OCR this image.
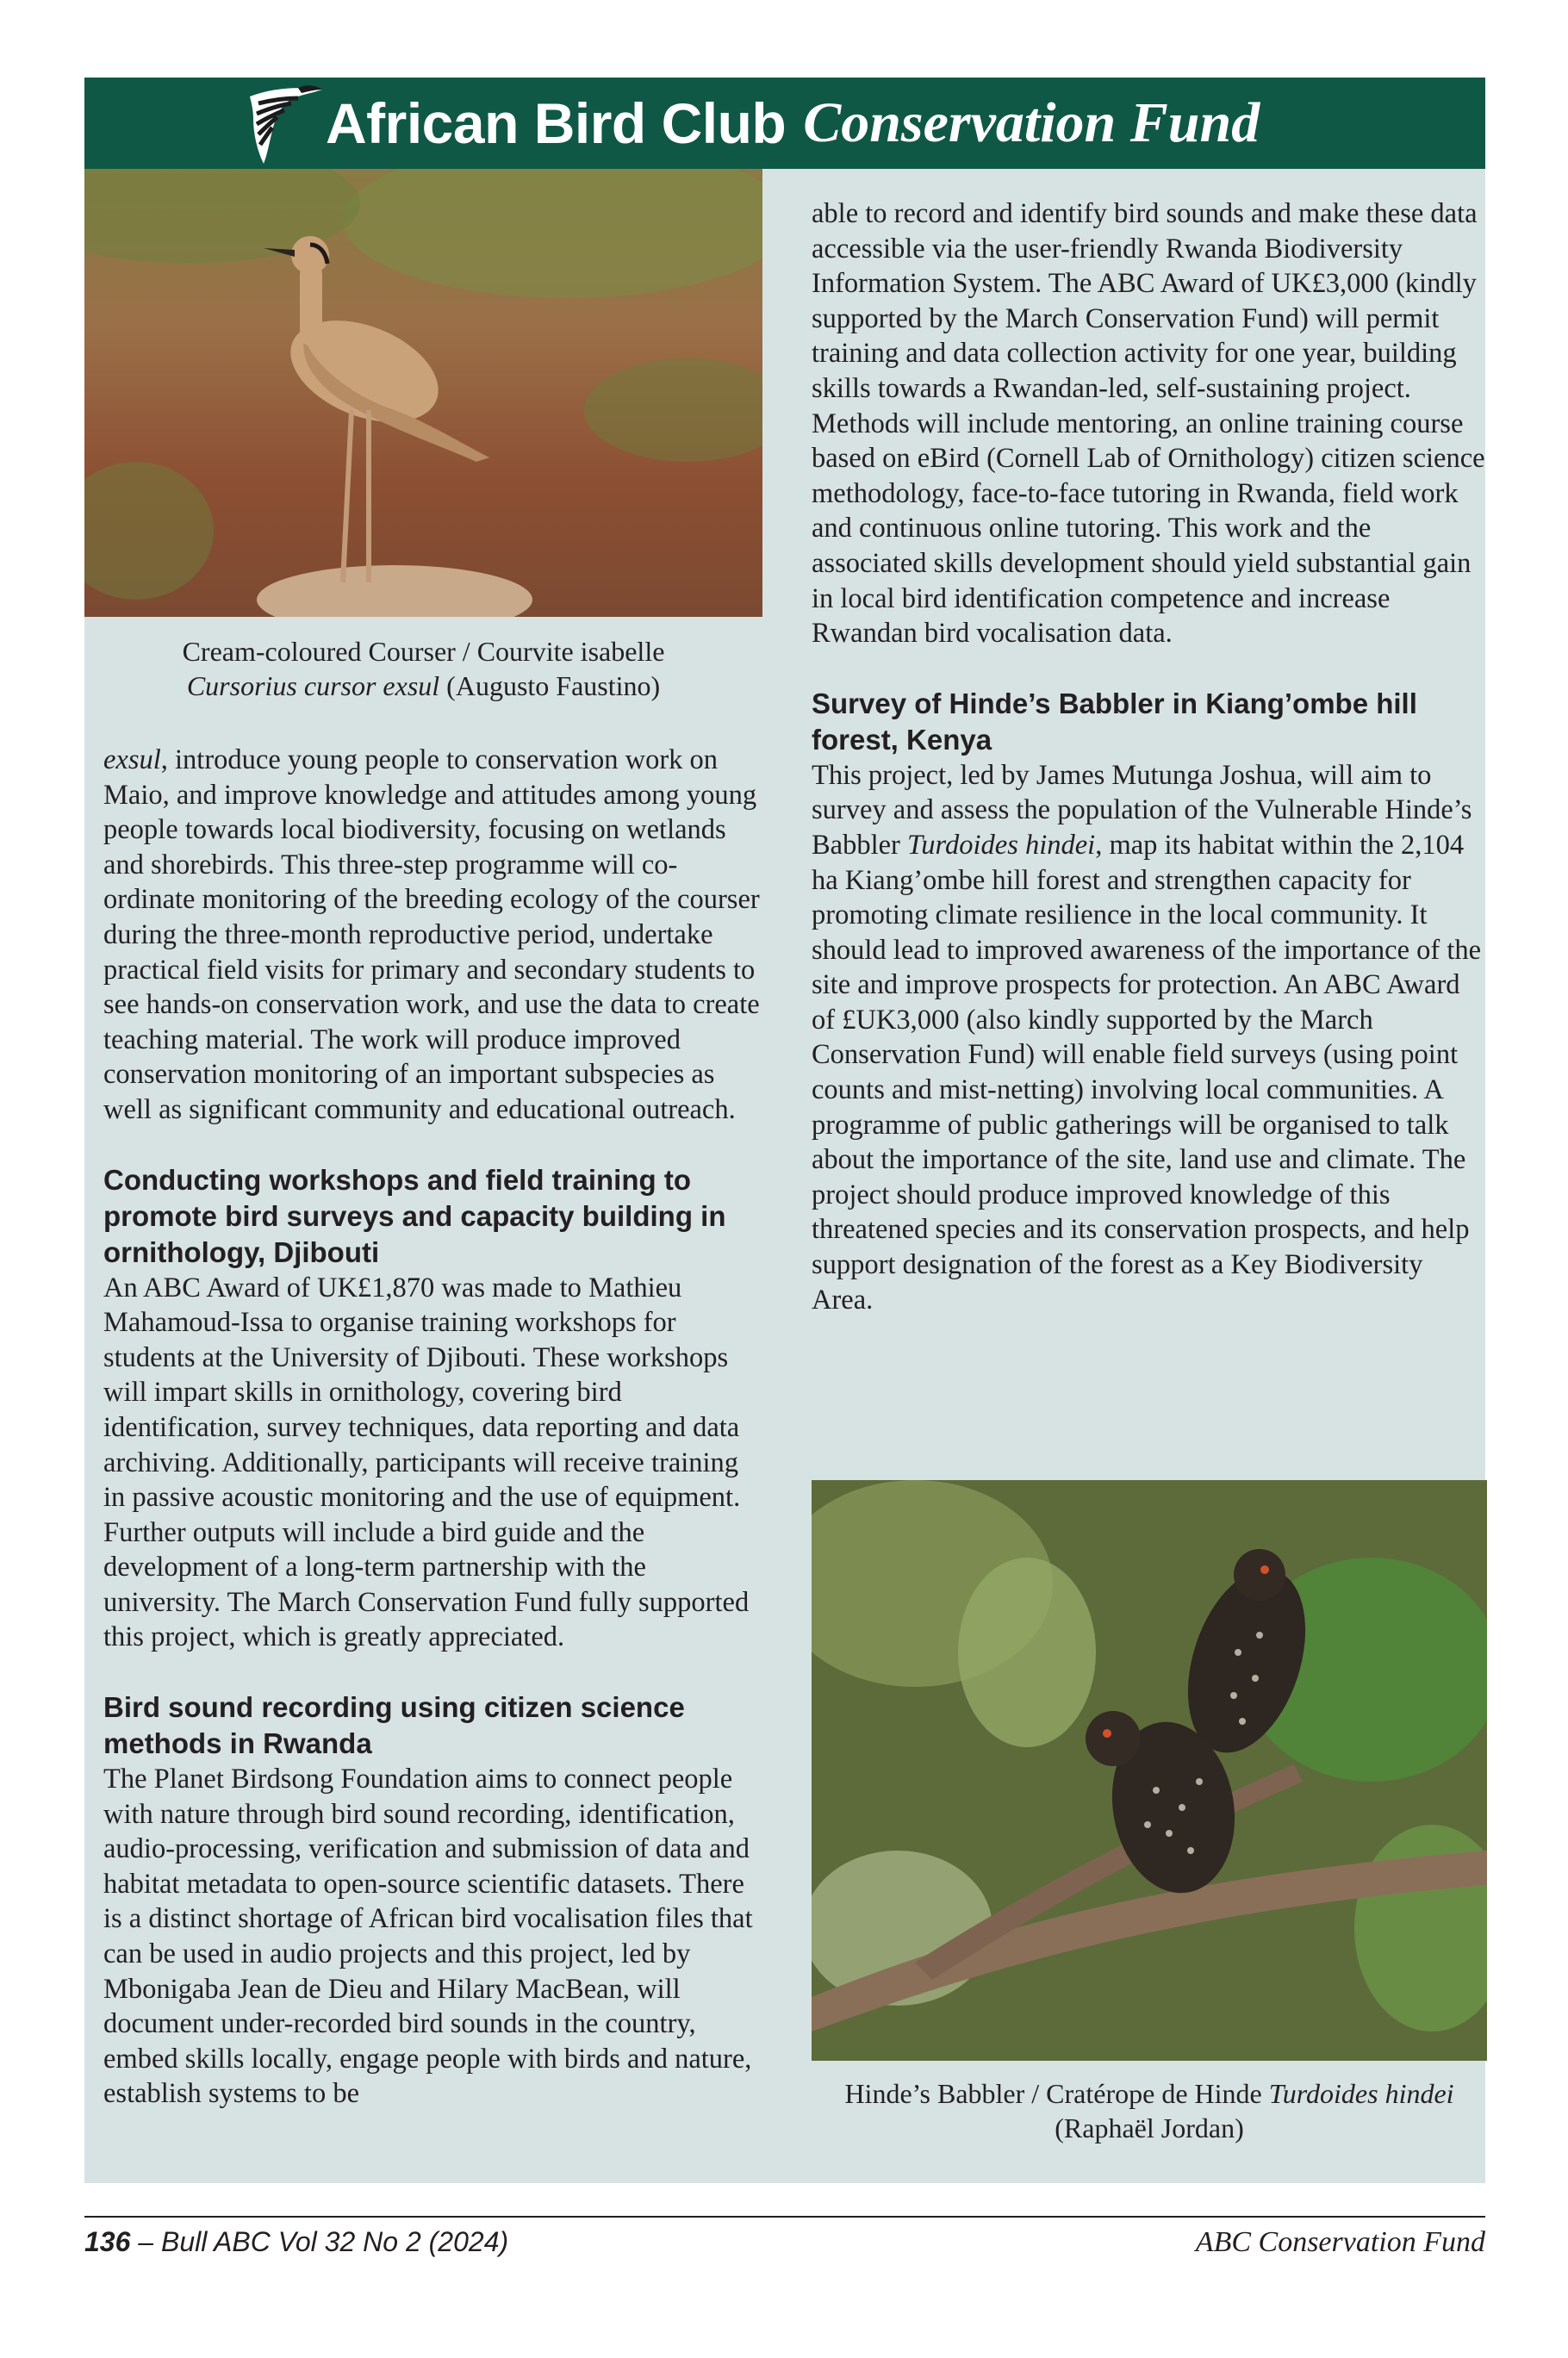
African Bird Club Conservation Fund
Cream-coloured Courser / Courvite isabelle
Cursorius cursor exsul (Augusto Faustino)

exsul, introduce young people to conservation work on Maio, and improve knowledge and attitudes among young people towards local biodiversity, focusing on wetlands and shorebirds. This three-step programme will co-ordinate monitoring of the breeding ecology of the courser during the three-month reproductive period, undertake practical field visits for primary and secondary students to see hands-on conservation work, and use the data to create teaching material. The work will produce improved conservation monitoring of an important subspecies as well as significant community and educational outreach.

Conducting workshops and field training to promote bird surveys and capacity building in ornithology, Djibouti

An ABC Award of UK£1,870 was made to Mathieu Mahamoud-Issa to organise training workshops for students at the University of Djibouti. These workshops will impart skills in ornithology, covering bird identification, survey techniques, data reporting and data archiving. Additionally, participants will receive training in passive acoustic monitoring and the use of equipment. Further outputs will include a bird guide and the development of a long-term partnership with the university. The March Conservation Fund fully supported this project, which is greatly appreciated.

Bird sound recording using citizen science methods in Rwanda

The Planet Birdsong Foundation aims to connect people with nature through bird sound recording, identification, audio-processing, verification and submission of data and habitat metadata to open-source scientific datasets. There is a distinct shortage of African bird vocalisation files that can be used in audio projects and this project, led by Mbonigaba Jean de Dieu and Hilary MacBean, will document under-recorded bird sounds in the country, embed skills locally, engage people with birds and nature, establish systems to be

able to record and identify bird sounds and make these data accessible via the user-friendly Rwanda Biodiversity Information System. The ABC Award of UK£3,000 (kindly supported by the March Conservation Fund) will permit training and data collection activity for one year, building skills towards a Rwandan-led, self-sustaining project. Methods will include mentoring, an online training course based on eBird (Cornell Lab of Ornithology) citizen science methodology, face-to-face tutoring in Rwanda, field work and continuous online tutoring. This work and the associated skills development should yield substantial gain in local bird identification competence and increase Rwandan bird vocalisation data.

Survey of Hinde’s Babbler in Kiang’ombe hill forest, Kenya

This project, led by James Mutunga Joshua, will aim to survey and assess the population of the Vulnerable Hinde’s Babbler Turdoides hindei, map its habitat within the 2,104 ha Kiang’ombe hill forest and strengthen capacity for promoting climate resilience in the local community. It should lead to improved awareness of the importance of the site and improve prospects for protection. An ABC Award of £UK3,000 (also kindly supported by the March Conservation Fund) will enable field surveys (using point counts and mist-netting) involving local communities. A programme of public gatherings will be organised to talk about the importance of the site, land use and climate. The project should produce improved knowledge of this threatened species and its conservation prospects, and help support designation of the forest as a Key Biodiversity Area.

Hinde’s Babbler / Cratérope de Hinde Turdoides hindei
(Raphaël Jordan)
136 – Bull ABC Vol 32 No 2 (2024)	ABC Conservation Fund
